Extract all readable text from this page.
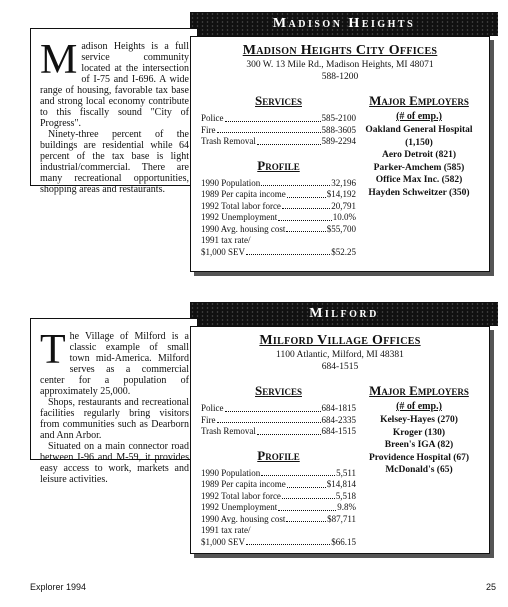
Madison Heights
M adison Heights is a full service community located at the intersection of I-75 and I-696. A wide range of housing, favorable tax base and strong local economy contribute to this fiscally sound "City of Progress".

Ninety-three percent of the buildings are residential while 64 percent of the tax base is light industrial/commercial. There are many recreational opportunities, shopping areas and restaurants.

Madison Heights City Offices
300 W. 13 Mile Rd., Madison Heights, MI 48071
588-1200
Services
Police	585-2100
Fire	588-3605
Trash Removal	589-2294
Profile
1990 Population	32,196
1989 Per capita income	$14,192
1992 Total labor force	20,791
1992 Unemployment	10.0%
1990 Avg. housing cost	$55,700
1991 tax rate/
$1,000 SEV	$52.25
Major Employers
(# of emp.)
Oakland General Hospital
(1,150)
Aero Detroit (821)
Parker-Amchem (585)
Office Max Inc. (582)
Hayden Schweitzer (350)
Milford
T he Village of Milford is a classic example of small town mid-America. Milford serves as a commercial center for a population of approximately 25,000.

Shops, restaurants and recreational facilities regularly bring visitors from communities such as Dearborn and Ann Arbor.

Situated on a main connector road between I-96 and M-59, it provides easy access to work, markets and leisure activities.

Milford Village Offices
1100 Atlantic, Milford, MI 48381
684-1515
Services
Police	684-1815
Fire	684-2335
Trash Removal	684-1515
Profile
1990 Population	5,511
1989 Per capita income	$14,814
1992 Total labor force	5,518
1992 Unemployment	9.8%
1990 Avg. housing cost	$87,711
1991 tax rate/
$1,000 SEV	$66.15
Major Employers
(# of emp.)
Kelsey-Hayes (270)
Kroger (130)
Breen's IGA (82)
Providence Hospital (67)
McDonald's (65)
Explorer 1994	25
